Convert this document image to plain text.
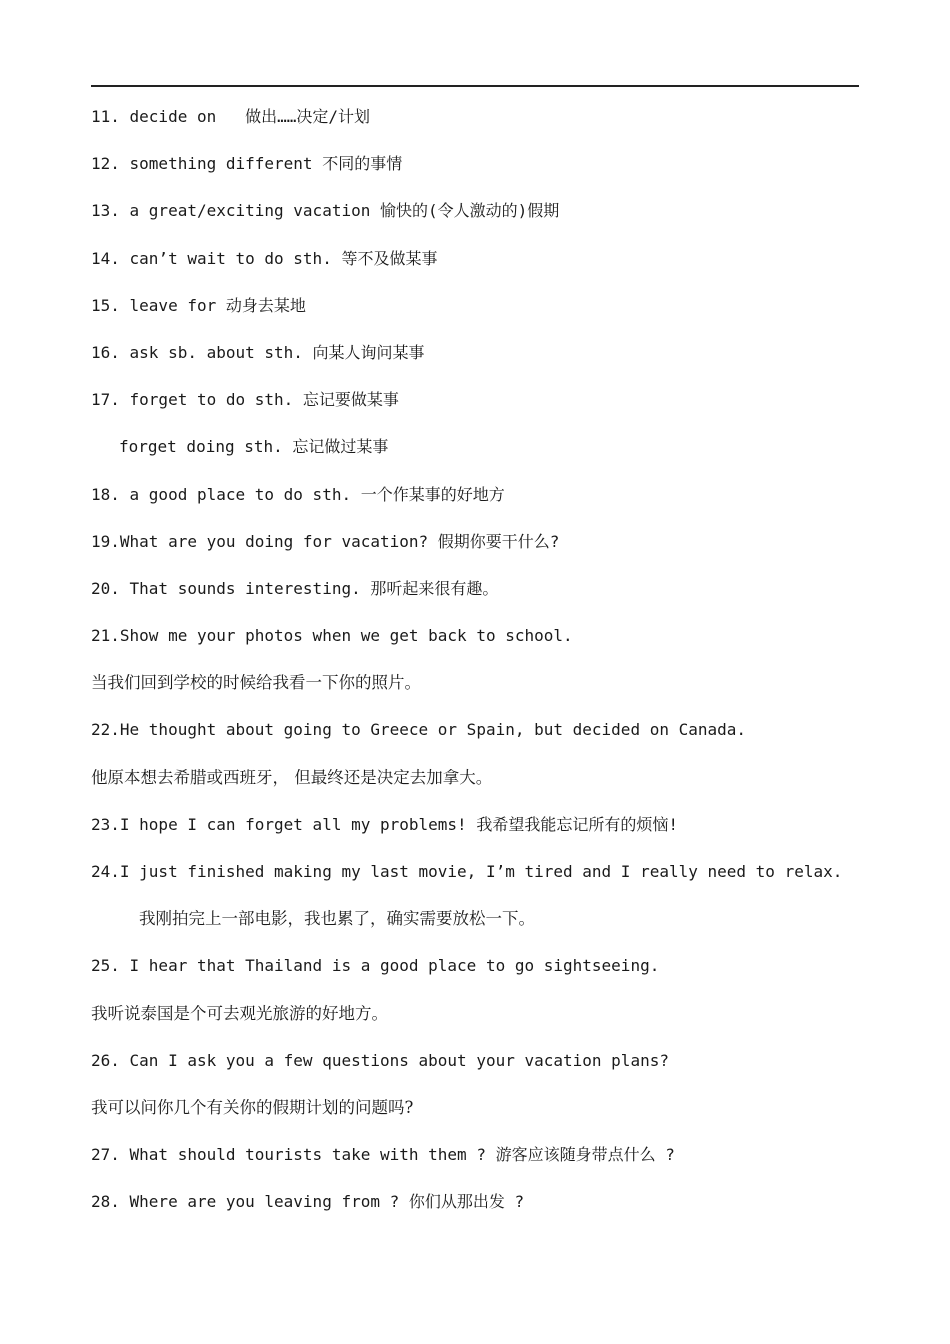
11. decide on   做出……决定/计划
12. something different 不同的事情
13. a great/exciting vacation 愉快的(令人激动的)假期
14. can’t wait to do sth. 等不及做某事
15. leave for 动身去某地
16. ask sb. about sth. 向某人询问某事
17. forget to do sth. 忘记要做某事
forget doing sth. 忘记做过某事
18. a good place to do sth. 一个作某事的好地方
19.What are you doing for vacation? 假期你要干什么?
20. That sounds interesting. 那听起来很有趣。
21.Show me your photos when we get back to school.
当我们回到学校的时候给我看一下你的照片。
22.He thought about going to Greece or Spain, but decided on Canada.
他原本想去希腊或西班牙， 但最终还是决定去加拿大。
23.I hope I can forget all my problems! 我希望我能忘记所有的烦恼!
24.I just finished making my last movie, I’m tired and I really need to relax.
我刚拍完上一部电影，我也累了，确实需要放松一下。
25. I hear that Thailand is a good place to go sightseeing.
我听说泰国是个可去观光旅游的好地方。
26. Can I ask you a few questions about your vacation plans?
我可以问你几个有关你的假期计划的问题吗?
27. What should tourists take with them ? 游客应该随身带点什么 ?
28. Where are you leaving from ? 你们从那出发 ?
